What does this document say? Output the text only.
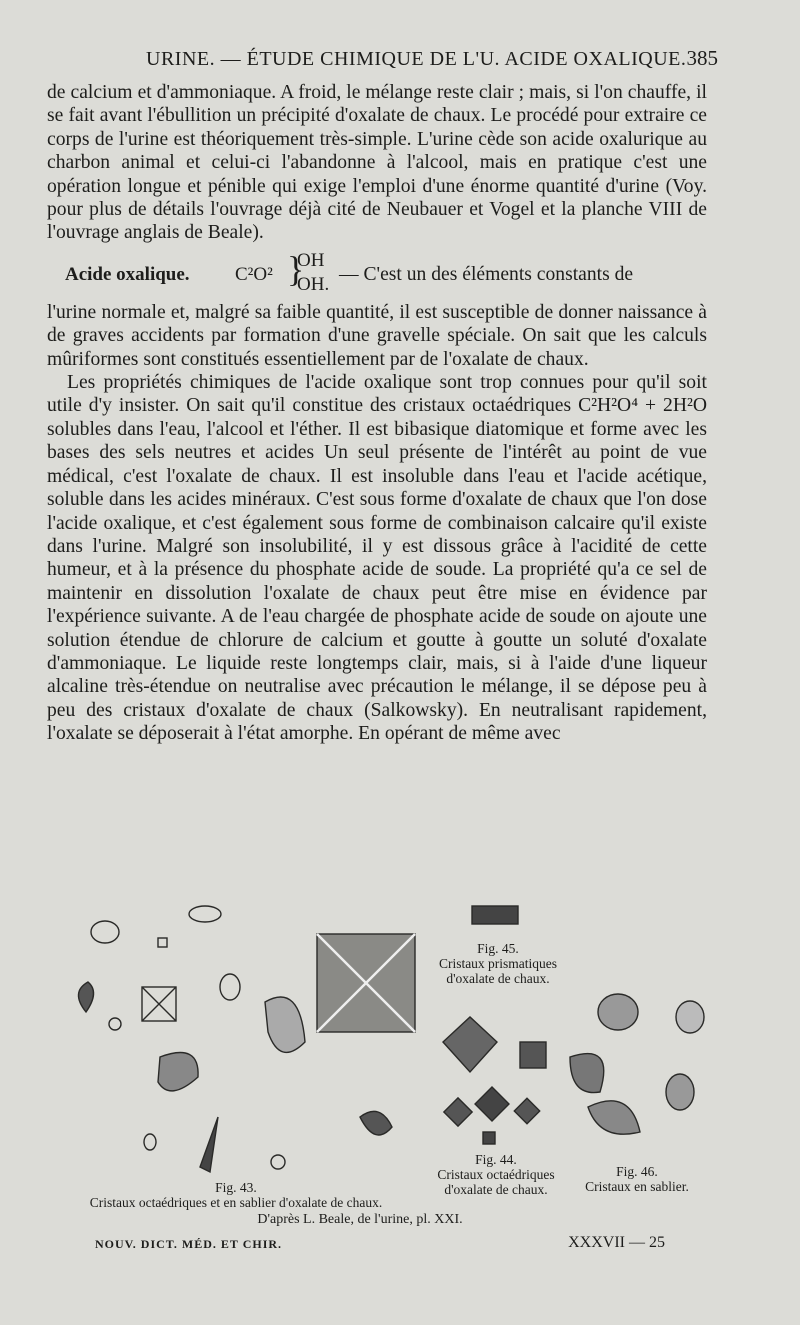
URINE. — ÉTUDE CHIMIQUE DE L'U. ACIDE OXALIQUE. 385

de calcium et d'ammoniaque. A froid, le mélange reste clair ; mais, si l'on chauffe, il se fait avant l'ébullition un précipité d'oxalate de chaux. Le procédé pour extraire ce corps de l'urine est théoriquement très-simple. L'urine cède son acide oxalurique au charbon animal et celui-ci l'abandonne à l'alcool, mais en pratique c'est une opération longue et pénible qui exige l'emploi d'une énorme quantité d'urine (Voy. pour plus de détails l'ouvrage déjà cité de Neubauer et Vogel et la planche VIII de l'ouvrage anglais de Beale).

Acide oxalique. C²O² }
OH
OH. — C'est un des éléments constants de

l'urine normale et, malgré sa faible quantité, il est susceptible de donner naissance à de graves accidents par formation d'une gravelle spéciale. On sait que les calculs mûriformes sont constitués essentiellement par de l'oxalate de chaux.

Les propriétés chimiques de l'acide oxalique sont trop connues pour qu'il soit utile d'y insister. On sait qu'il constitue des cristaux octaédriques C²H²O⁴ + 2H²O solubles dans l'eau, l'alcool et l'éther. Il est bibasique diatomique et forme avec les bases des sels neutres et acides Un seul présente de l'intérêt au point de vue médical, c'est l'oxalate de chaux. Il est insoluble dans l'eau et l'acide acétique, soluble dans les acides minéraux. C'est sous forme d'oxalate de chaux que l'on dose l'acide oxalique, et c'est également sous forme de combinaison calcaire qu'il existe dans l'urine. Malgré son insolubilité, il y est dissous grâce à l'acidité de cette humeur, et à la présence du phosphate acide de soude. La propriété qu'a ce sel de maintenir en dissolution l'oxalate de chaux peut être mise en évidence par l'expérience suivante. A de l'eau chargée de phosphate acide de soude on ajoute une solution étendue de chlorure de calcium et goutte à goutte un soluté d'oxalate d'ammoniaque. Le liquide reste longtemps clair, mais, si à l'aide d'une liqueur alcaline très-étendue on neutralise avec précaution le mélange, il se dépose peu à peu des cristaux d'oxalate de chaux (Salkowsky). En neutralisant rapidement, l'oxalate se déposerait à l'état amorphe. En opérant de même avec

Fig. 45.
Cristaux prismatiques d'oxalate de chaux.
Fig. 44.
Cristaux octaédriques d'oxalate de chaux.
Fig. 46.
Cristaux en sablier.
Fig. 43.
Cristaux octaédriques et en sablier d'oxalate de chaux.
D'après L. Beale, de l'urine, pl. XXI.
NOUV. DICT. MÉD. ET CHIR.	XXXVII — 25
